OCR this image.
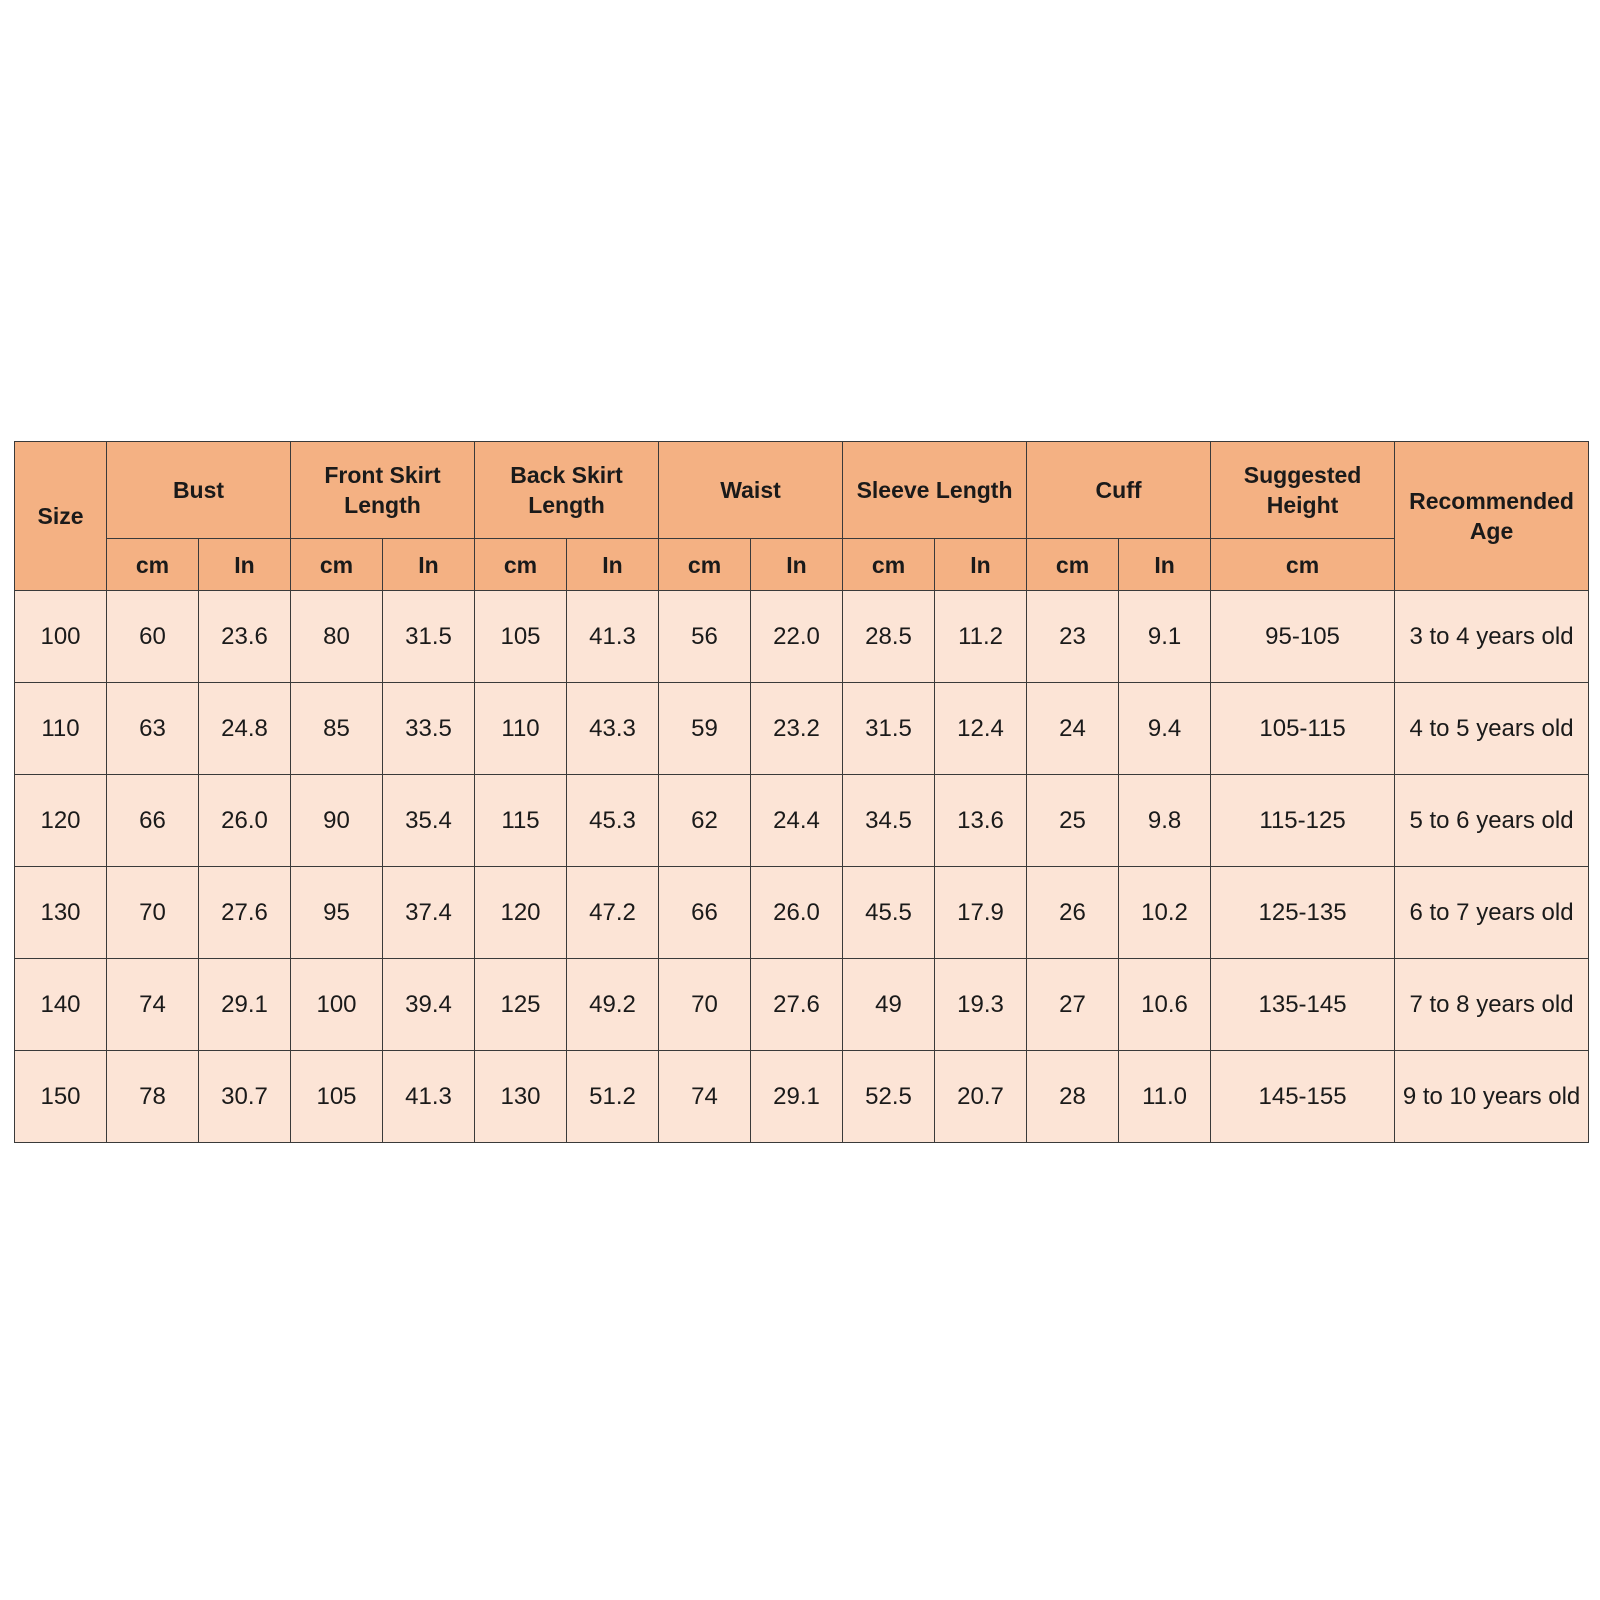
Size	Bust		Front Skirt Length		Back Skirt Length		Waist		Sleeve Length		Cuff		Suggested Height	Recommended Age
	cm	In	cm	In	cm	In	cm	In	cm	In	cm	In	cm	
100	60	23.6	80	31.5	105	41.3	56	22.0	28.5	11.2	23	9.1	95-105	3 to 4 years old
110	63	24.8	85	33.5	110	43.3	59	23.2	31.5	12.4	24	9.4	105-115	4 to 5 years old
120	66	26.0	90	35.4	115	45.3	62	24.4	34.5	13.6	25	9.8	115-125	5 to 6 years old
130	70	27.6	95	37.4	120	47.2	66	26.0	45.5	17.9	26	10.2	125-135	6 to 7 years old
140	74	29.1	100	39.4	125	49.2	70	27.6	49	19.3	27	10.6	135-145	7 to 8 years old
150	78	30.7	105	41.3	130	51.2	74	29.1	52.5	20.7	28	11.0	145-155	9 to 10 years old
